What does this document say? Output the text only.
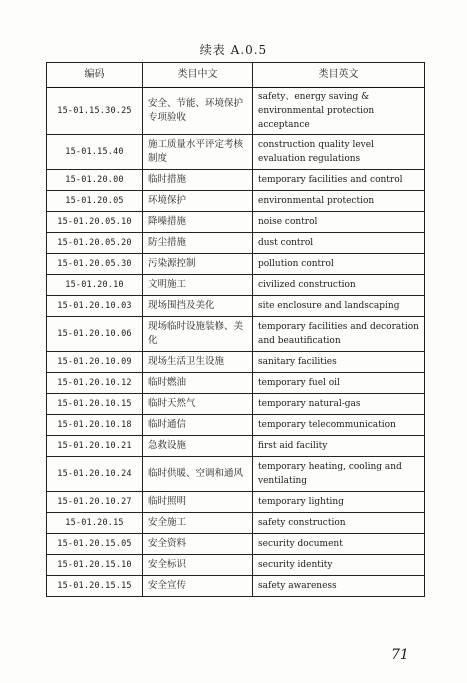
续表 A.0.5
编码	类目中文	类目英文
15-01.15.30.25	安全、节能、环境保护专项验收	safety、energy saving & environmental protection acceptance
15-01.15.40	施工质量水平评定考核制度	construction quality level evaluation regulations
15-01.20.00	临时措施	temporary facilities and control
15-01.20.05	环境保护	environmental protection
15-01.20.05.10	降噪措施	noise control
15-01.20.05.20	防尘措施	dust control
15-01.20.05.30	污染源控制	pollution control
15-01.20.10	文明施工	civilized construction
15-01.20.10.03	现场围挡及美化	site enclosure and landscaping
15-01.20.10.06	现场临时设施装修、美化	temporary facilities and decoration and beautification
15-01.20.10.09	现场生活卫生设施	sanitary facilities
15-01.20.10.12	临时燃油	temporary fuel oil
15-01.20.10.15	临时天然气	temporary natural-gas
15-01.20.10.18	临时通信	temporary telecommunication
15-01.20.10.21	急救设施	first aid facility
15-01.20.10.24	临时供暖、空调和通风	temporary heating, cooling and ventilating
15-01.20.10.27	临时照明	temporary lighting
15-01.20.15	安全施工	safety construction
15-01.20.15.05	安全资料	security document
15-01.20.15.10	安全标识	security identity
15-01.20.15.15	安全宣传	safety awareness
71
